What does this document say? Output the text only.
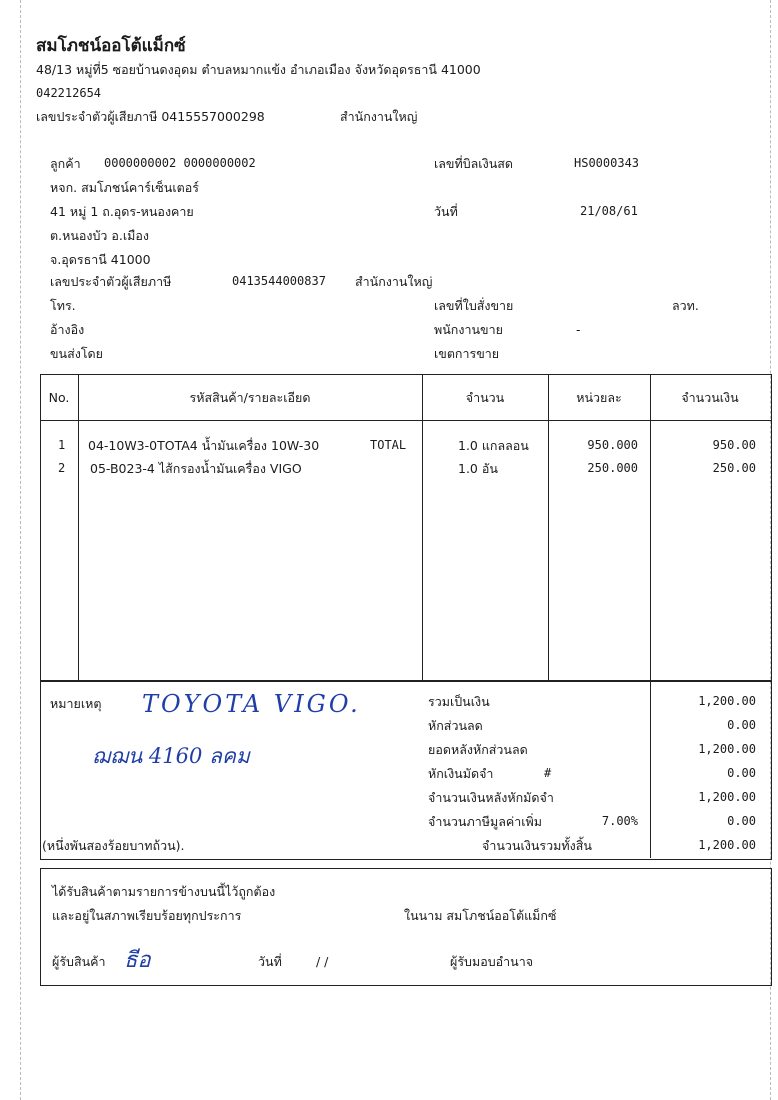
สมโภชน์ออโต้แม็กซ์
48/13 หมู่ที่5 ซอยบ้านดงอุดม ตำบลหมากแข้ง อำเภอเมือง จังหวัดอุดรธานี 41000
042212654
เลขประจำตัวผู้เสียภาษี 0415557000298	สำนักงานใหญ่
ลูกค้า 0000000002 0000000002
หจก. สมโภชน์คาร์เซ็นเตอร์
41 หมู่ 1 ถ.อุดร-หนองคาย
ต.หนองบัว อ.เมือง
จ.อุดรธานี 41000
เลขประจำตัวผู้เสียภาษี	0413544000837 สำนักงานใหญ่
โทร.
อ้างอิง
ขนส่งโดย
เลขที่บิลเงินสด	HS0000343
วันที่	21/08/61
เลขที่ใบสั่งขาย	ลวท.
พนักงานขาย	-
เขตการขาย
No.	รหัสสินค้า/รายละเอียด	จำนวน	หน่วยละ	จำนวนเงิน
1 04-10W3-0TOTA4 น้ำมันเครื่อง 10W-30	TOTAL	1.0 แกลลอน	950.000	950.00
2 05-B023-4 ไส้กรองน้ำมันเครื่อง VIGO	1.0 อัน	250.000	250.00
หมายเหตุ TOYOTA VIGO.
ฌฌน 4160 ลคม
(หนึ่งพันสองร้อยบาทถ้วน).
รวมเป็นเงิน	1,200.00
หักส่วนลด	0.00
ยอดหลังหักส่วนลด	1,200.00
หักเงินมัดจำ	#	0.00
จำนวนเงินหลังหักมัดจำ	1,200.00
จำนวนภาษีมูลค่าเพิ่ม	7.00%	0.00
จำนวนเงินรวมทั้งสิ้น	1,200.00
ได้รับสินค้าตามรายการข้างบนนี้ไว้ถูกต้อง
และอยู่ในสภาพเรียบร้อยทุกประการ	ในนาม สมโภชน์ออโต้แม็กซ์
ผู้รับสินค้า ธีอ	วันที่	/ /	ผู้รับมอบอำนาจ
